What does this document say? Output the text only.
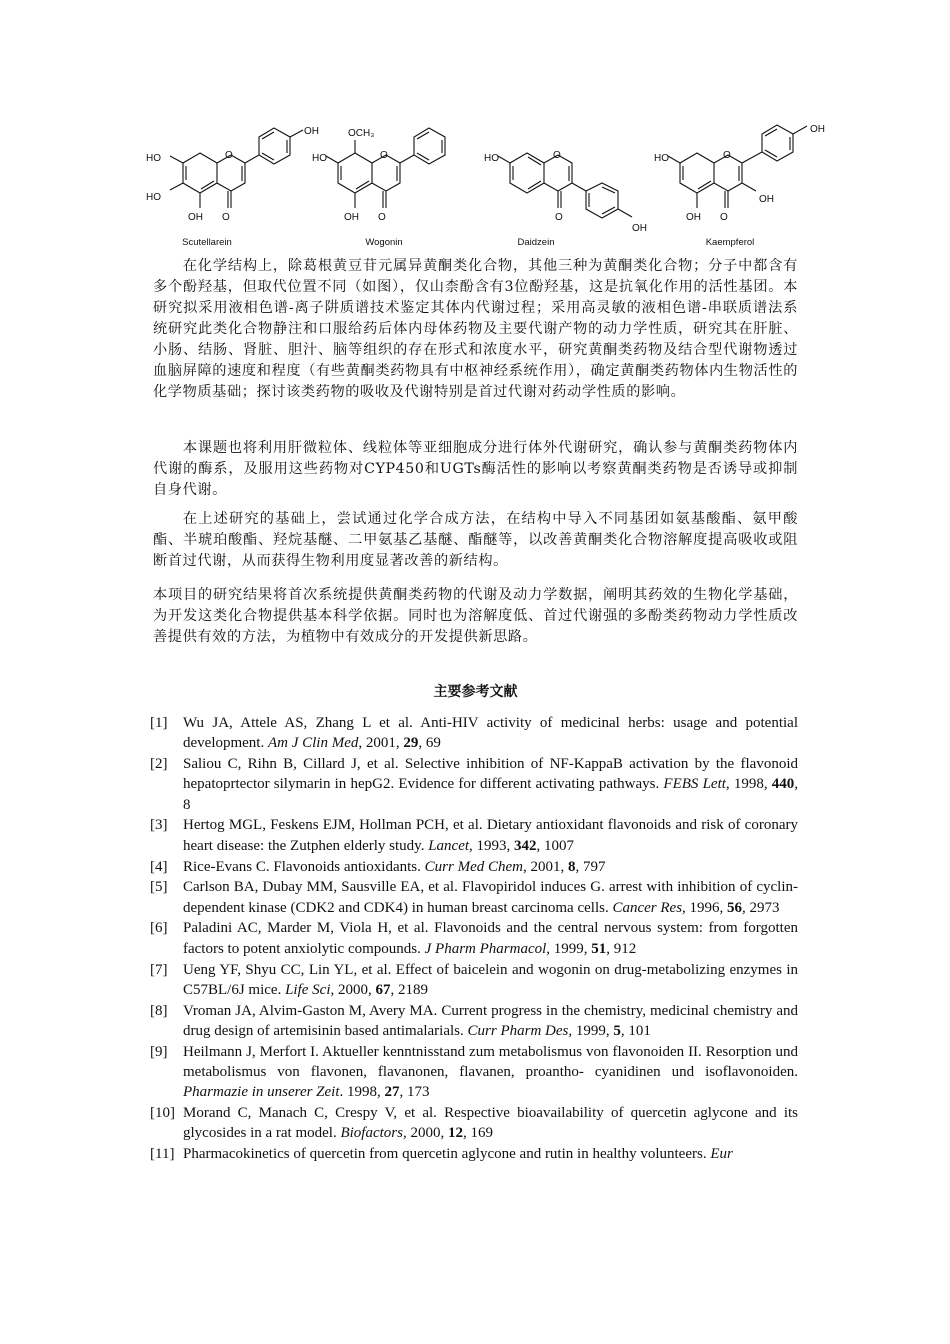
OH
HO
HO
OH O
O
Scutellarein
OCH₃
HO
OH O
O
Wogonin
HO	O
O
OH
Daidzein
OH
HO
OH
OH O
O
Kaempferol

在化学结构上，除葛根黄豆苷元属异黄酮类化合物，其他三种为黄酮类化合物；分子中都含有多个酚羟基，但取代位置不同（如图），仅山柰酚含有3位酚羟基，这是抗氧化作用的活性基团。本研究拟采用液相色谱-离子阱质谱技术鉴定其体内代谢过程；采用高灵敏的液相色谱-串联质谱法系统研究此类化合物静注和口服给药后体内母体药物及主要代谢产物的动力学性质，研究其在肝脏、小肠、结肠、肾脏、胆汁、脑等组织的存在形式和浓度水平，研究黄酮类药物及结合型代谢物透过血脑屏障的速度和程度（有些黄酮类药物具有中枢神经系统作用），确定黄酮类药物体内生物活性的化学物质基础；探讨该类药物的吸收及代谢特别是首过代谢对药动学性质的影响。

本课题也将利用肝微粒体、线粒体等亚细胞成分进行体外代谢研究，确认参与黄酮类药物体内代谢的酶系，及服用这些药物对CYP450和UGTs酶活性的影响以考察黄酮类药物是否诱导或抑制自身代谢。

在上述研究的基础上，尝试通过化学合成方法，在结构中导入不同基团如氨基酸酯、氨甲酸酯、半琥珀酸酯、羟烷基醚、二甲氨基乙基醚、酯醚等，以改善黄酮类化合物溶解度提高吸收或阻断首过代谢，从而获得生物利用度显著改善的新结构。

本项目的研究结果将首次系统提供黄酮类药物的代谢及动力学数据，阐明其药效的生物化学基础，为开发这类化合物提供基本科学依据。同时也为溶解度低、首过代谢强的多酚类药物动力学性质改善提供有效的方法，为植物中有效成分的开发提供新思路。

主要参考文献
[1]	Wu JA, Attele AS, Zhang L et al. Anti-HIV activity of medicinal herbs: usage and potential development. Am J Clin Med, 2001, 29, 69
[2]	Saliou C, Rihn B, Cillard J, et al. Selective inhibition of NF-KappaB activation by the flavonoid hepatoprtector silymarin in hepG2. Evidence for different activating pathways. FEBS Lett, 1998, 440, 8
[3]	Hertog MGL, Feskens EJM, Hollman PCH, et al. Dietary antioxidant flavonoids and risk of coronary heart disease: the Zutphen elderly study. Lancet, 1993, 342, 1007
[4]	Rice-Evans C. Flavonoids antioxidants. Curr Med Chem, 2001, 8, 797
[5]	Carlson BA, Dubay MM, Sausville EA, et al. Flavopiridol induces G. arrest with inhibition of cyclin-dependent kinase (CDK2 and CDK4) in human breast carcinoma cells. Cancer Res, 1996, 56, 2973
[6]	Paladini AC, Marder M, Viola H, et al. Flavonoids and the central nervous system: from forgotten factors to potent anxiolytic compounds. J Pharm Pharmacol, 1999, 51, 912
[7]	Ueng YF, Shyu CC, Lin YL, et al. Effect of baicelein and wogonin on drug-metabolizing enzymes in C57BL/6J mice. Life Sci, 2000, 67, 2189
[8]	Vroman JA, Alvim-Gaston M, Avery MA. Current progress in the chemistry, medicinal chemistry and drug design of artemisinin based antimalarials. Curr Pharm Des, 1999, 5, 101
[9]	Heilmann J, Merfort I. Aktueller kenntnisstand zum metabolismus von flavonoiden II. Resorption und metabolismus von flavonen, flavanonen, flavanen, proantho- cyanidinen und isoflavonoiden. Pharmazie in unserer Zeit. 1998, 27, 173
[10] Morand C, Manach C, Crespy V, et al. Respective bioavailability of quercetin aglycone and its glycosides in a rat model. Biofactors, 2000, 12, 169
[11] Pharmacokinetics of quercetin from quercetin aglycone and rutin in healthy volunteers. Eur
